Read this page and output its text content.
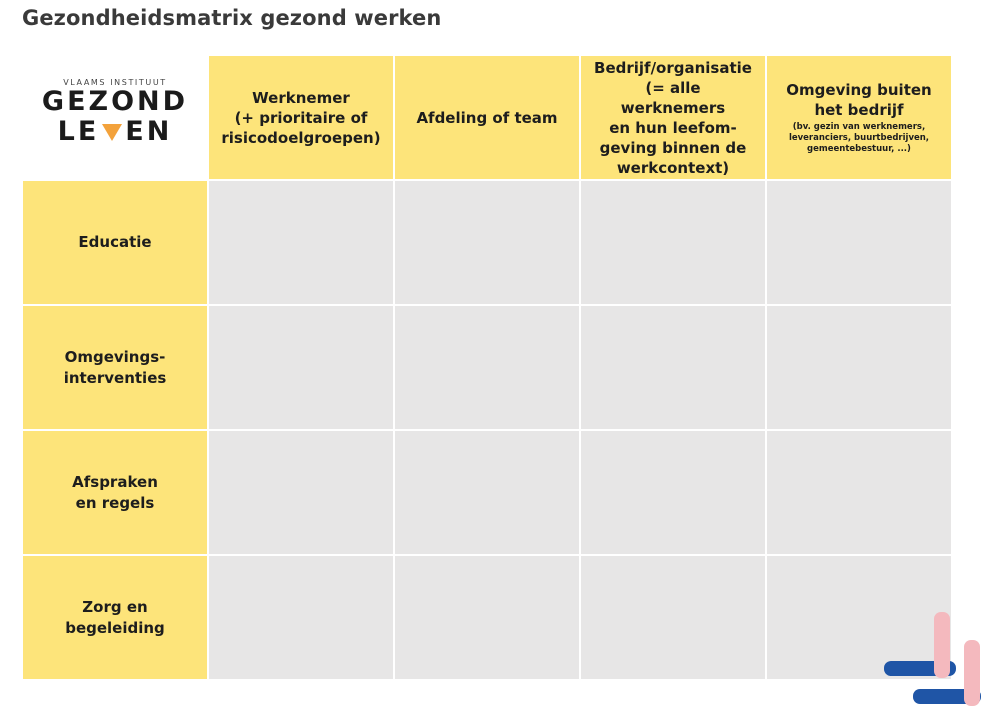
Gezondheidsmatrix gezond werken
VLAAMS INSTITUUT
GEZOND
LE EN
Werknemer
(+ prioritaire of
risicodoelgroepen)
Afdeling of team
Bedrijf/organisatie
(= alle werknemers
en hun leefom-
geving binnen de
werkcontext)
Omgeving buiten
het bedrijf
(bv. gezin van werknemers,
leveranciers, buurtbedrijven,
gemeentebestuur, ...)
Educatie
Omgevings-
interventies
Afspraken
en regels
Zorg en
begeleiding
